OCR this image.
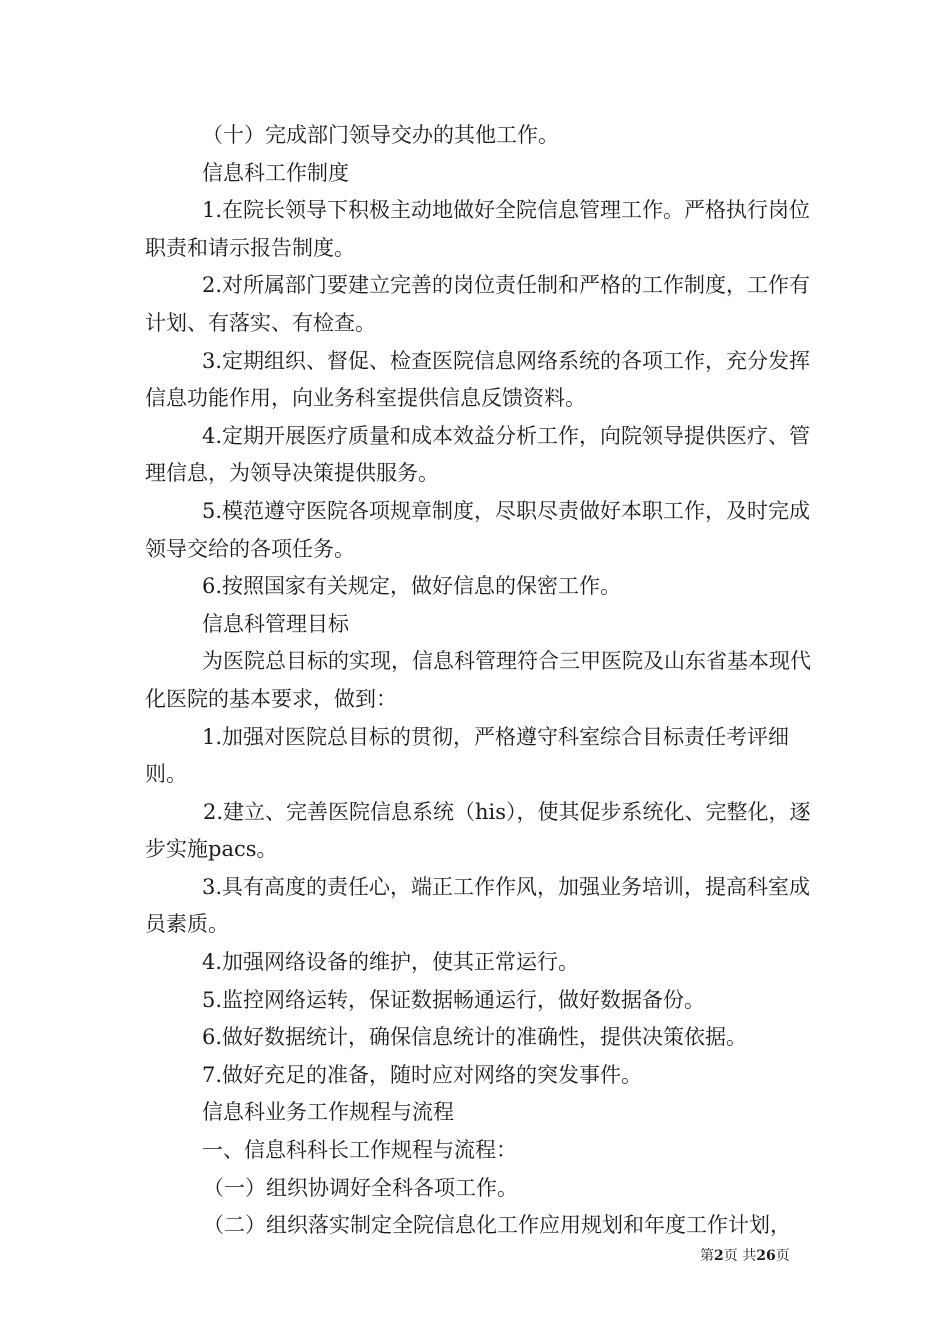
（十）完成部门领导交办的其他工作。

信息科工作制度

1.在院长领导下积极主动地做好全院信息管理工作。严格执行岗位职责和请示报告制度。

2.对所属部门要建立完善的岗位责任制和严格的工作制度，工作有计划、有落实、有检查。

3.定期组织、督促、检查医院信息网络系统的各项工作，充分发挥信息功能作用，向业务科室提供信息反馈资料。

4.定期开展医疗质量和成本效益分析工作，向院领导提供医疗、管理信息，为领导决策提供服务。

5.模范遵守医院各项规章制度，尽职尽责做好本职工作，及时完成领导交给的各项任务。

6.按照国家有关规定，做好信息的保密工作。

信息科管理目标

为医院总目标的实现，信息科管理符合三甲医院及山东省基本现代化医院的基本要求，做到：

1.加强对医院总目标的贯彻，严格遵守科室综合目标责任考评细则。

2.建立、完善医院信息系统（his），使其促步系统化、完整化，逐步实施pacs。

3.具有高度的责任心，端正工作作风，加强业务培训，提高科室成员素质。

4.加强网络设备的维护，使其正常运行。

5.监控网络运转，保证数据畅通运行，做好数据备份。

6.做好数据统计，确保信息统计的准确性，提供决策依据。

7.做好充足的准备，随时应对网络的突发事件。

信息科业务工作规程与流程

一、信息科科长工作规程与流程：

（一）组织协调好全科各项工作。

（二）组织落实制定全院信息化工作应用规划和年度工作计划，

第2页 共26页
